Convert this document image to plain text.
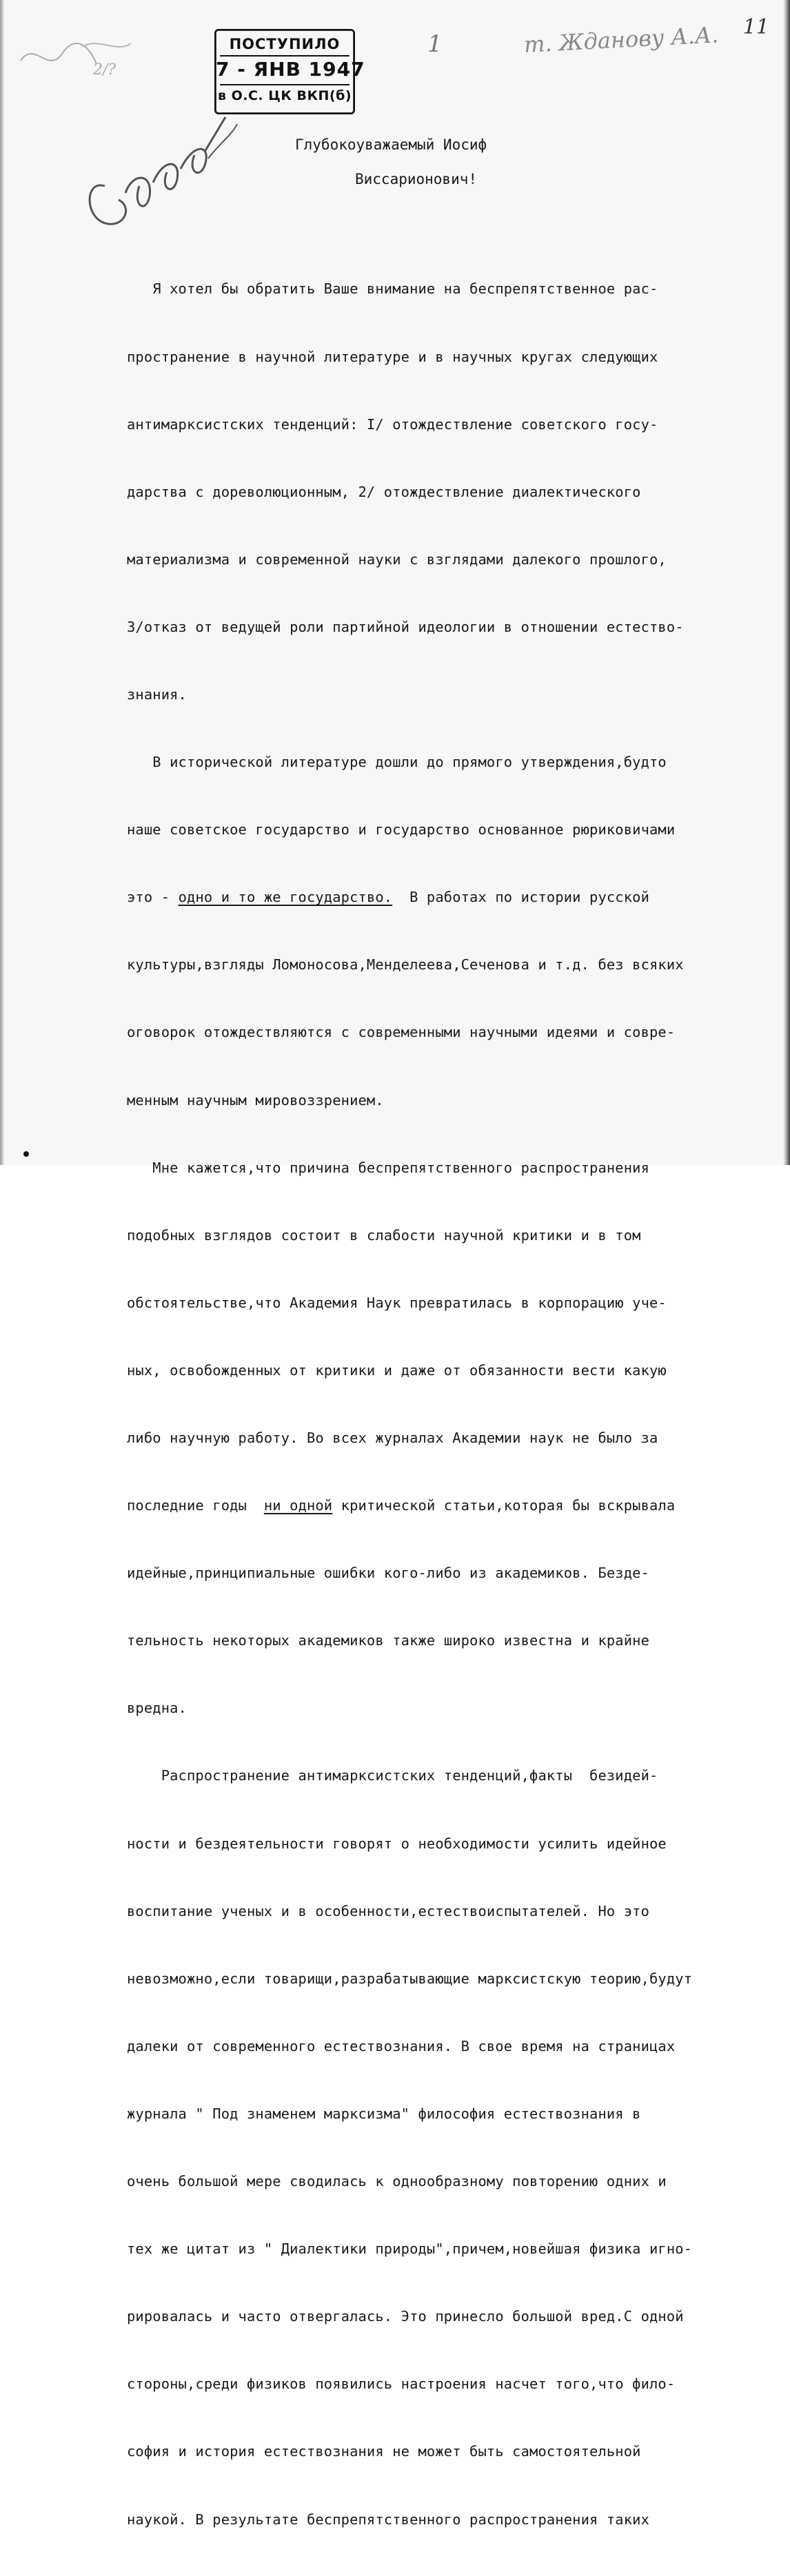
2/?
ПОСТУПИЛО
7 - ЯНВ 1947
в О.С. ЦК ВКП(б)
1	т. Жданову А.А. 11
Глубокоуважаемый Иосиф
Виссарионович!

Я хотел бы обратить Ваше внимание на беспрепятственное рас-

пространение в научной литературе и в научных кругах следующих

антимарксистских тенденций: I/ отождествление советского госу-

дарства с дореволюционным, 2/ отождествление диалектического

материализма и современной науки с взглядами далекого прошлого,

3/отказ от ведущей роли партийной идеологии в отношении естество-

знания.

В исторической литературе дошли до прямого утверждения,будто

наше советское государство и государство основанное рюриковичами

это - одно и то же государство.  В работах по истории русской

культуры,взгляды Ломоносова,Менделеева,Сеченова и т.д. без всяких

оговорок отождествляются с современными научными идеями и совре-

менным научным мировоззрением.

Мне кажется,что причина беспрепятственного распространения

подобных взглядов состоит в слабости научной критики и в том

обстоятельстве,что Академия Наук превратилась в корпорацию уче-

ных, освобожденных от критики и даже от обязанности вести какую

либо научную работу. Во всех журналах Академии наук не было за

последние годы  ни одной критической статьи,которая бы вскрывала

идейные,принципиальные ошибки кого-либо из академиков. Безде-

тельность некоторых академиков также широко известна и крайне

вредна.

Распространение антимарксистских тенденций,факты  безидей-

ности и бездеятельности говорят о необходимости усилить идейное

воспитание ученых и в особенности,естествоиспытателей. Но это

невозможно,если товарищи,разрабатывающие марксистскую теорию,будут

далеки от современного естествознания. В свое время на страницах

журнала " Под знаменем марксизма" философия естествознания в

очень большой мере сводилась к однообразному повторению одних и

тех же цитат из " Диалектики природы",причем,новейшая физика игно-

рировалась и часто отвергалась. Это принесло большой вред.С одной

стороны,среди физиков появились настроения насчет того,что фило-

софия и история естествознания не может быть самостоятельной

наукой. В результате беспрепятственного распространения таких
